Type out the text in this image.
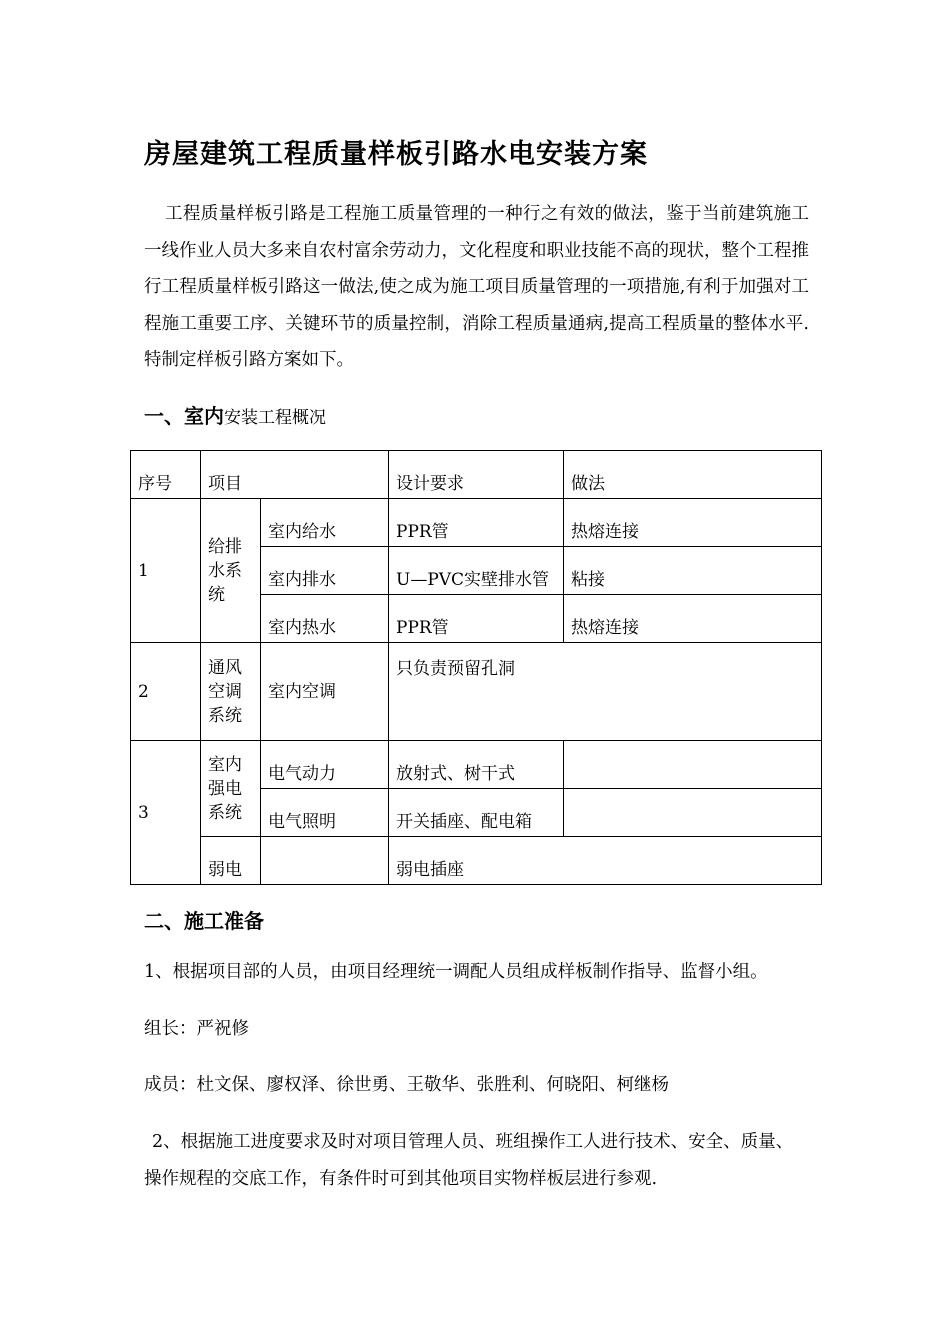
房屋建筑工程质量样板引路水电安装方案
工程质量样板引路是工程施工质量管理的一种行之有效的做法，鉴于当前建筑施工一线作业人员大多来自农村富余劳动力，文化程度和职业技能不高的现状，整个工程推行工程质量样板引路这一做法,使之成为施工项目质量管理的一项措施,有利于加强对工程施工重要工序、关键环节的质量控制，消除工程质量通病,提高工程质量的整体水平.特制定样板引路方案如下。
一、室内安装工程概况
序号	项目		设计要求	做法
1	给排水系统	室内给水	PPR管	热熔连接
		室内排水	U—PVC实壁排水管	粘接
		室内热水	PPR管	热熔连接
2	通风空调系统	室内空调	只负责预留孔洞	
3	室内强电系统	电气动力	放射式、树干式	
		电气照明	开关插座、配电箱	
	弱电		弱电插座	
二、施工准备
1、根据项目部的人员，由项目经理统一调配人员组成样板制作指导、监督小组。
组长：严祝修
成员：杜文保、廖权泽、徐世勇、王敬华、张胜利、何晓阳、柯继杨
2、根据施工进度要求及时对项目管理人员、班组操作工人进行技术、安全、质量、操作规程的交底工作，有条件时可到其他项目实物样板层进行参观.
